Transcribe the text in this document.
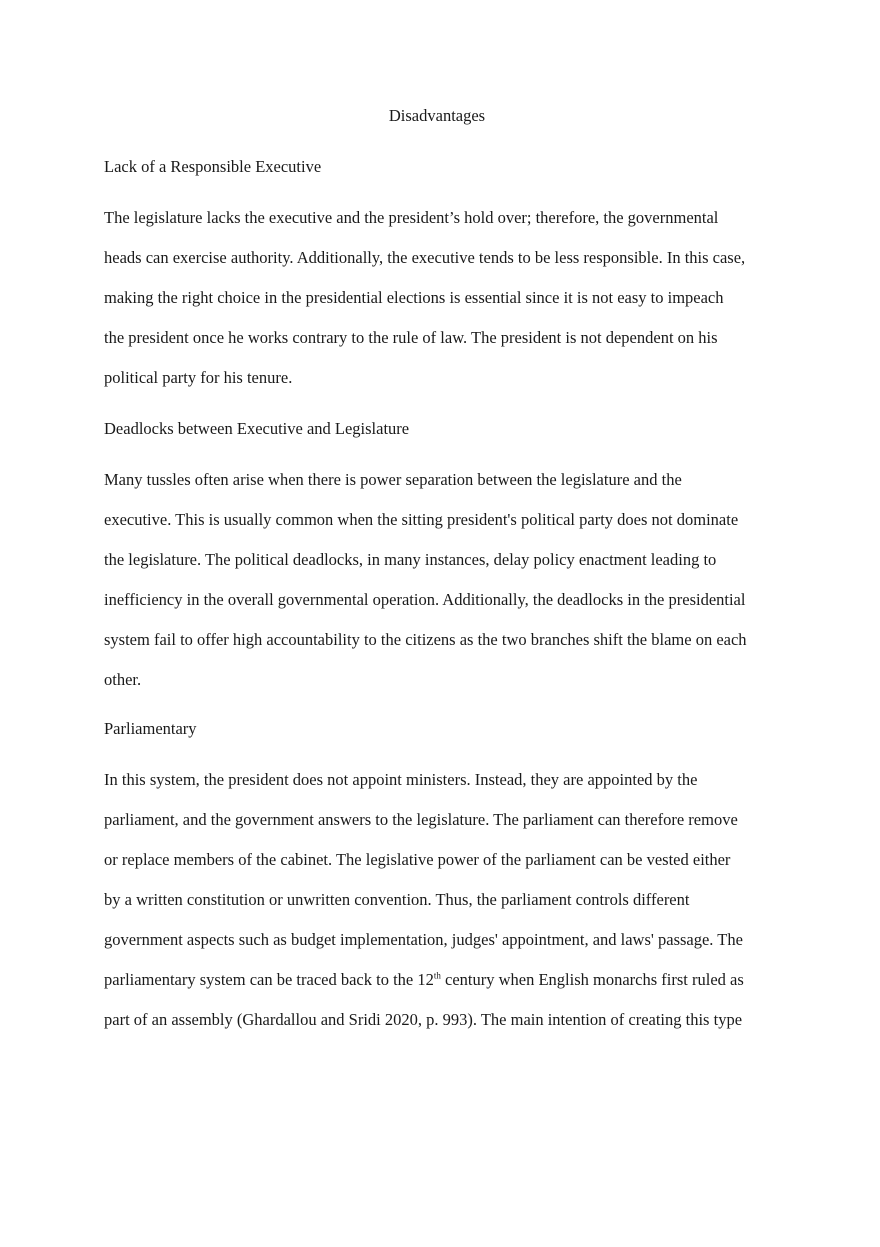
Disadvantages
Lack of a Responsible Executive

The legislature lacks the executive and the president’s hold over; therefore, the governmental
heads can exercise authority. Additionally, the executive tends to be less responsible. In this case,
making the right choice in the presidential elections is essential since it is not easy to impeach
the president once he works contrary to the rule of law. The president is not dependent on his
political party for his tenure.

Deadlocks between Executive and Legislature

Many tussles often arise when there is power separation between the legislature and the
executive. This is usually common when the sitting president's political party does not dominate
the legislature. The political deadlocks, in many instances, delay policy enactment leading to
inefficiency in the overall governmental operation. Additionally, the deadlocks in the presidential
system fail to offer high accountability to the citizens as the two branches shift the blame on each
other.

Parliamentary

In this system, the president does not appoint ministers. Instead, they are appointed by the
parliament, and the government answers to the legislature. The parliament can therefore remove
or replace members of the cabinet. The legislative power of the parliament can be vested either
by a written constitution or unwritten convention. Thus, the parliament controls different
government aspects such as budget implementation, judges' appointment, and laws' passage. The
parliamentary system can be traced back to the 12th century when English monarchs first ruled as
part of an assembly (Ghardallou and Sridi 2020, p. 993). The main intention of creating this type
